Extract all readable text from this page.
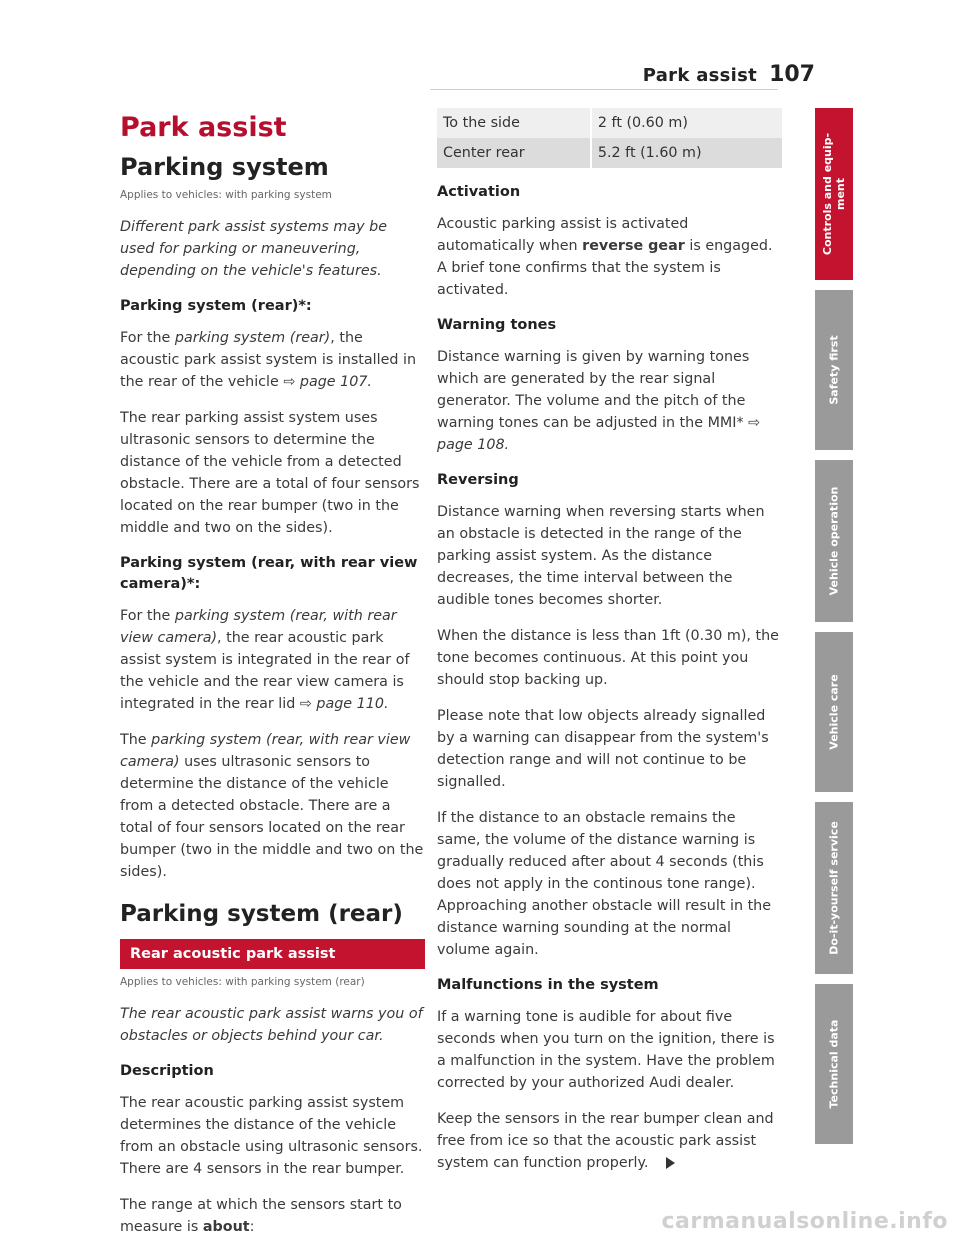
Park assist 107
Park assist
Parking system
Applies to vehicles: with parking system

Different park assist systems may be used for parking or maneuvering, depending on the vehicle's features.

Parking system (rear)*:

For the parking system (rear), the acoustic park assist system is installed in the rear of the vehicle ⇨ page 107.

The rear parking assist system uses ultrasonic sensors to determine the distance of the vehicle from a detected obstacle. There are a total of four sensors located on the rear bumper (two in the middle and two on the sides).

Parking system (rear, with rear view camera)*:

For the parking system (rear, with rear view camera), the rear acoustic park assist system is integrated in the rear of the vehicle and the rear view camera is integrated in the rear lid ⇨ page 110.

The parking system (rear, with rear view camera) uses ultrasonic sensors to determine the distance of the vehicle from a detected obstacle. There are a total of four sensors located on the rear bumper (two in the middle and two on the sides).

Parking system (rear)
Rear acoustic park assist
Applies to vehicles: with parking system (rear)

The rear acoustic park assist warns you of obstacles or objects behind your car.

Description

The rear acoustic parking assist system determines the distance of the vehicle from an obstacle using ultrasonic sensors. There are 4 sensors in the rear bumper.

The range at which the sensors start to measure is about:

To the side	2 ft (0.60 m)
Center rear	5.2 ft (1.60 m)
Activation

Acoustic parking assist is activated automatically when reverse gear is engaged. A brief tone confirms that the system is activated.

Warning tones

Distance warning is given by warning tones which are generated by the rear signal generator. The volume and the pitch of the warning tones can be adjusted in the MMI* ⇨ page 108.

Reversing

Distance warning when reversing starts when an obstacle is detected in the range of the parking assist system. As the distance decreases, the time interval between the audible tones becomes shorter.

When the distance is less than 1ft (0.30 m), the tone becomes continuous. At this point you should stop backing up.

Please note that low objects already signalled by a warning can disappear from the system's detection range and will not continue to be signalled.

If the distance to an obstacle remains the same, the volume of the distance warning is gradually reduced after about 4 seconds (this does not apply in the continous tone range). Approaching another obstacle will result in the distance warning sounding at the normal volume again.

Malfunctions in the system

If a warning tone is audible for about five seconds when you turn on the ignition, there is a malfunction in the system. Have the problem corrected by your authorized Audi dealer.

Keep the sensors in the rear bumper clean and free from ice so that the acoustic park assist system can function properly.

Controls and equip- ment
Safety first
Vehicle operation
Vehicle care
Do-it-yourself service
Technical data
carmanualsonline.info
